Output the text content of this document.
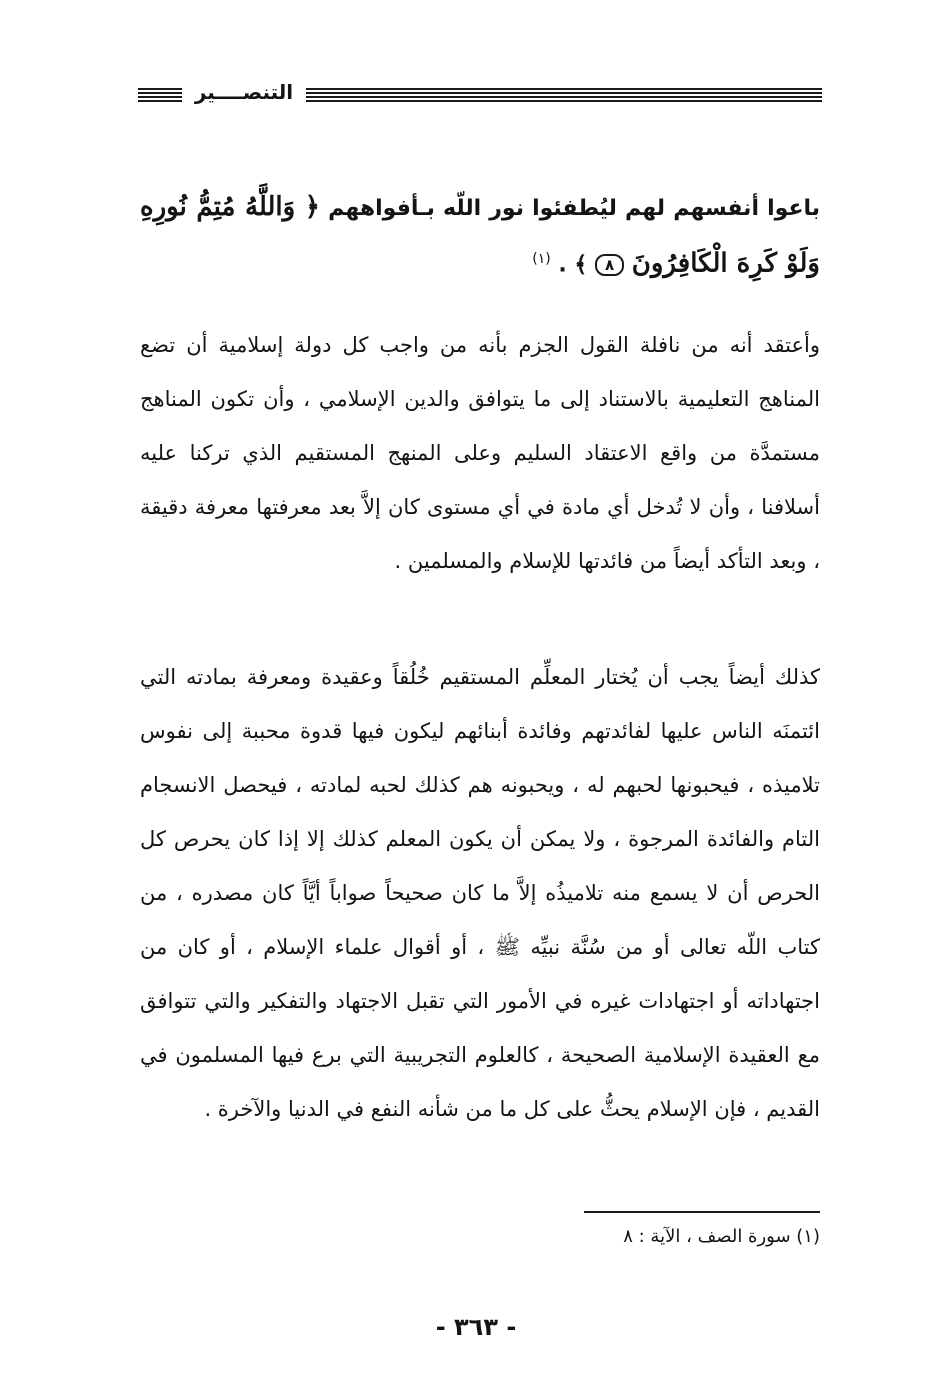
التنصــــير
باعوا أنفسهم لهم ليُطفئوا نور اللّه بـأفواههم ﴿ وَاللَّهُ مُتِمُّ نُورِهِ وَلَوْ كَرِهَ الْكَافِرُونَ ٨ ﴾ . $^{(١)}$

وأعتقد أنه من نافلة القول الجزم بأنه من واجب كل دولة إسلامية أن تضع المناهج التعليمية بالاستناد إلى ما يتوافق والدين الإسلامي ، وأن تكون المناهج مستمدَّة من واقع الاعتقاد السليم وعلى المنهج المستقيم الذي تركنا عليه أسلافنا ، وأن لا تُدخل أي مادة في أي مستوى كان إلاَّ بعد معرفتها معرفة دقيقة ، وبعد التأكد أيضاً من فائدتها للإسلام والمسلمين .

كذلك أيضاً يجب أن يُختار المعلِّم المستقيم خُلُقاً وعقيدة ومعرفة بمادته التي ائتمنَه الناس عليها لفائدتهم وفائدة أبنائهم ليكون فيها قدوة محببة إلى نفوس تلاميذه ، فيحبونها لحبهم له ، ويحبونه هم كذلك لحبه لمادته ، فيحصل الانسجام التام والفائدة المرجوة ، ولا يمكن أن يكون المعلم كذلك إلا إذا كان يحرص كل الحرص أن لا يسمع منه تلاميذُه إلاَّ ما كان صحيحاً صواباً أيَّاً كان مصدره ، من كتاب اللّه تعالى أو من سُنَّة نبيِّه ﷺ ، أو أقوال علماء الإسلام ، أو كان من اجتهاداته أو اجتهادات غيره في الأمور التي تقبل الاجتهاد والتفكير والتي تتوافق مع العقيدة الإسلامية الصحيحة ، كالعلوم التجريبية التي برع فيها المسلمون في القديم ، فإن الإسلام يحثُّ على كل ما من شأنه النفع في الدنيا والآخرة .

(١) سورة الصف ، الآية : ٨
- ٣٦٣ -
